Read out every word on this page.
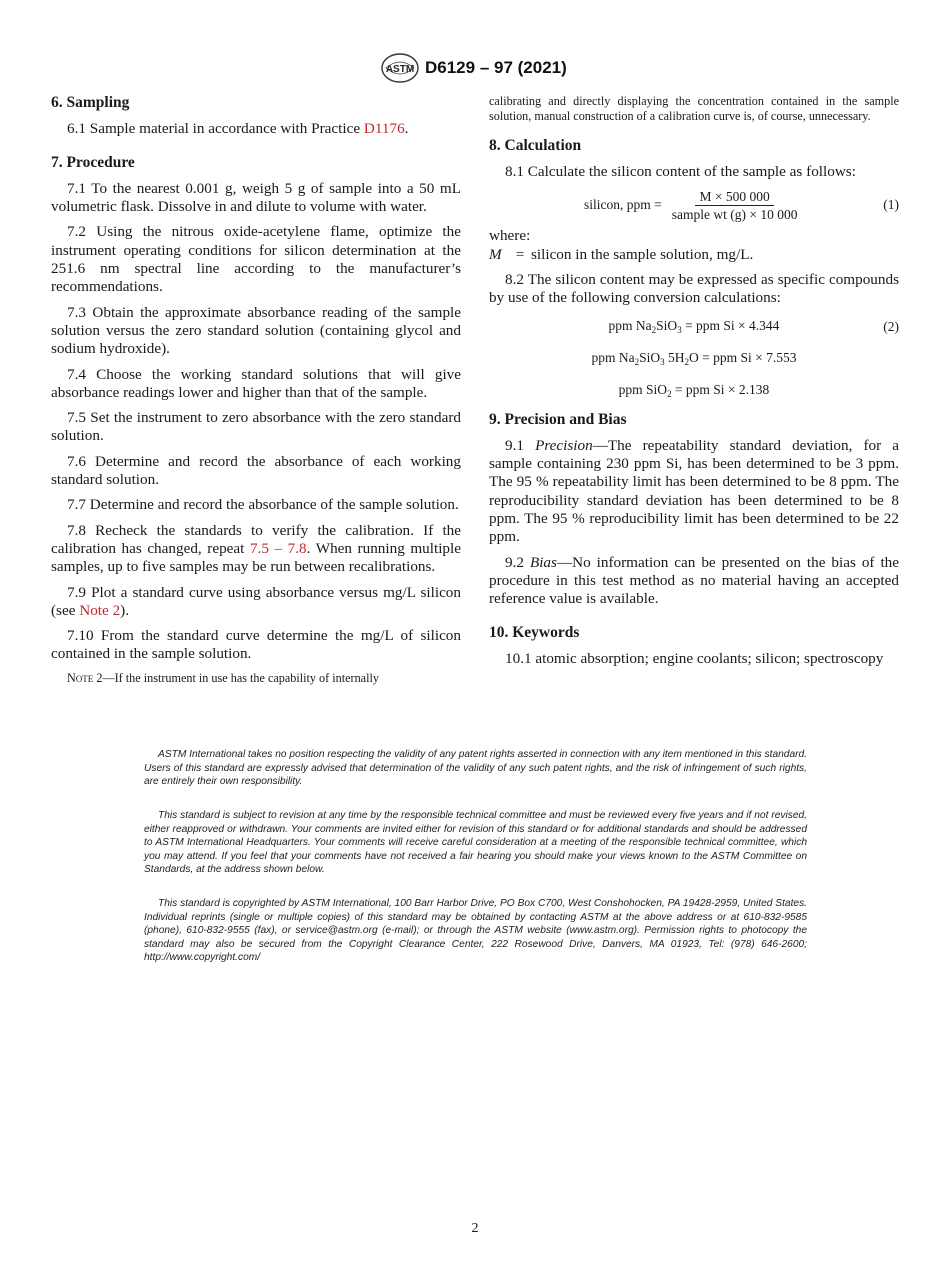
ASTM D6129 – 97 (2021)
6. Sampling

6.1 Sample material in accordance with Practice D1176.

7. Procedure

7.1 To the nearest 0.001 g, weigh 5 g of sample into a 50 mL volumetric flask. Dissolve in and dilute to volume with water.

7.2 Using the nitrous oxide-acetylene flame, optimize the instrument operating conditions for silicon determination at the 251.6 nm spectral line according to the manufacturer’s recommendations.

7.3 Obtain the approximate absorbance reading of the sample solution versus the zero standard solution (containing glycol and sodium hydroxide).

7.4 Choose the working standard solutions that will give absorbance readings lower and higher than that of the sample.

7.5 Set the instrument to zero absorbance with the zero standard solution.

7.6 Determine and record the absorbance of each working standard solution.

7.7 Determine and record the absorbance of the sample solution.

7.8 Recheck the standards to verify the calibration. If the calibration has changed, repeat 7.5 – 7.8. When running multiple samples, up to five samples may be run between recalibrations.

7.9 Plot a standard curve using absorbance versus mg/L silicon (see Note 2).

7.10 From the standard curve determine the mg/L of silicon contained in the sample solution.

Note 2—If the instrument in use has the capability of internally

calibrating and directly displaying the concentration contained in the sample solution, manual construction of a calibration curve is, of course, unnecessary.

8. Calculation

8.1 Calculate the silicon content of the sample as follows:

silicon, ppm = $\frac{M \times 500 000}{\text{sample wt (g) × 10 000}}$	(1)

where:

M = silicon in the sample solution, mg/L.

8.2 The silicon content may be expressed as specific compounds by use of the following conversion calculations:

ppm $Na_2SiO_3$ = ppm Si × 4.344	(2)
ppm $Na_2SiO_3$ $5H_2O$ = ppm Si × 7.553
ppm SiO$_2$ = ppm Si × 2.138
9. Precision and Bias

9.1 Precision—The repeatability standard deviation, for a sample containing 230 ppm Si, has been determined to be 3 ppm. The 95 % repeatability limit has been determined to be 8 ppm. The reproducibility standard deviation has been determined to be 8 ppm. The 95 % reproducibility limit has been determined to be 22 ppm.

9.2 Bias—No information can be presented on the bias of the procedure in this test method as no material having an accepted reference value is available.

10. Keywords

10.1 atomic absorption; engine coolants; silicon; spectroscopy

ASTM International takes no position respecting the validity of any patent rights asserted in connection with any item mentioned in this standard. Users of this standard are expressly advised that determination of the validity of any such patent rights, and the risk of infringement of such rights, are entirely their own responsibility.

This standard is subject to revision at any time by the responsible technical committee and must be reviewed every five years and if not revised, either reapproved or withdrawn. Your comments are invited either for revision of this standard or for additional standards and should be addressed to ASTM International Headquarters. Your comments will receive careful consideration at a meeting of the responsible technical committee, which you may attend. If you feel that your comments have not received a fair hearing you should make your views known to the ASTM Committee on Standards, at the address shown below.

This standard is copyrighted by ASTM International, 100 Barr Harbor Drive, PO Box C700, West Conshohocken, PA 19428-2959, United States. Individual reprints (single or multiple copies) of this standard may be obtained by contacting ASTM at the above address or at 610-832-9585 (phone), 610-832-9555 (fax), or service@astm.org (e-mail); or through the ASTM website (www.astm.org). Permission rights to photocopy the standard may also be secured from the Copyright Clearance Center, 222 Rosewood Drive, Danvers, MA 01923, Tel: (978) 646-2600; http://www.copyright.com/

2
